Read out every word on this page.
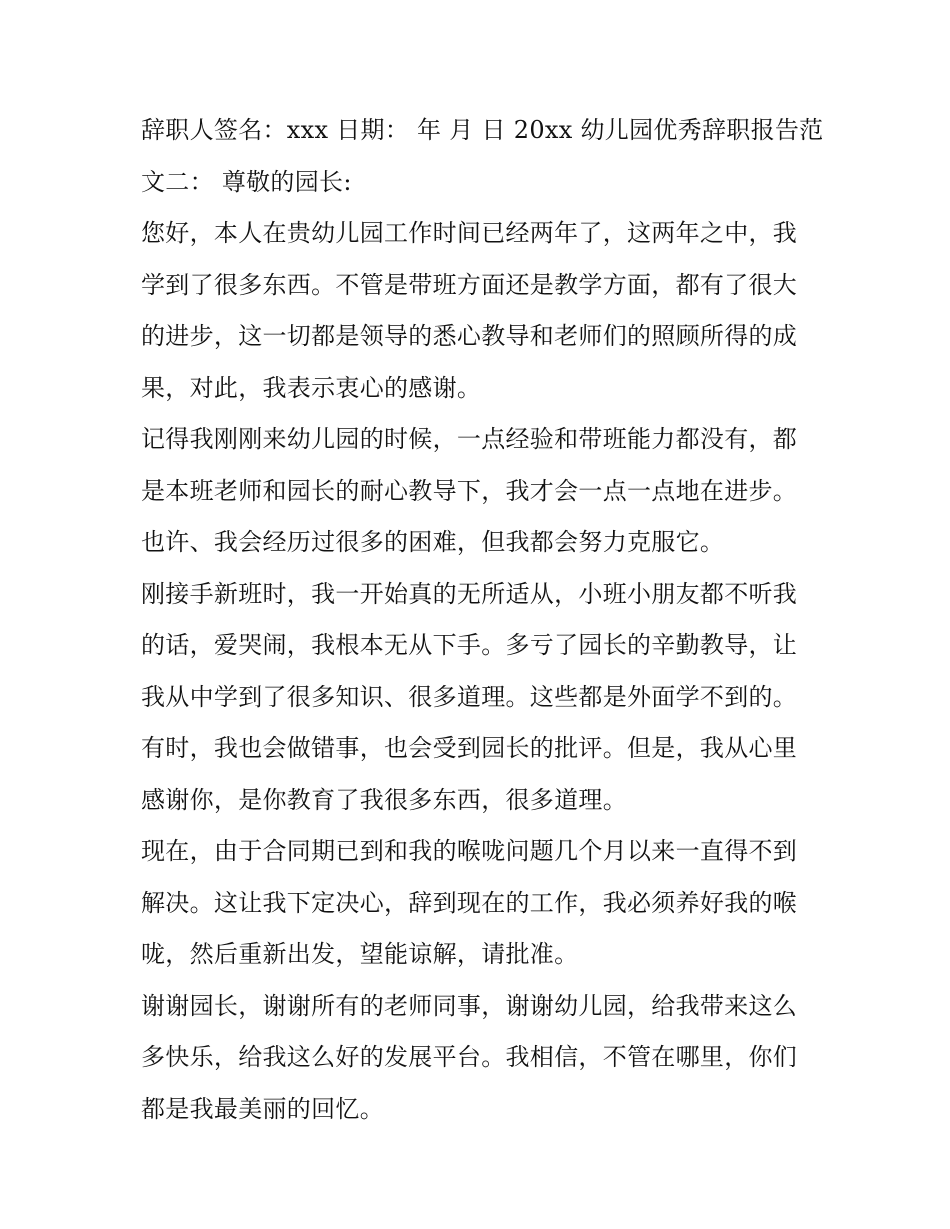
辞职人签名：xxx 日期： 年 月 日 20xx 幼儿园优秀辞职报告范
文二： 尊敬的园长:
您好，本人在贵幼儿园工作时间已经两年了，这两年之中，我
学到了很多东西。不管是带班方面还是教学方面，都有了很大
的进步，这一切都是领导的悉心教导和老师们的照顾所得的成
果，对此，我表示衷心的感谢。
记得我刚刚来幼儿园的时候，一点经验和带班能力都没有，都
是本班老师和园长的耐心教导下，我才会一点一点地在进步。
也许、我会经历过很多的困难，但我都会努力克服它。
刚接手新班时，我一开始真的无所适从，小班小朋友都不听我
的话，爱哭闹，我根本无从下手。多亏了园长的辛勤教导，让
我从中学到了很多知识、很多道理。这些都是外面学不到的。
有时，我也会做错事，也会受到园长的批评。但是，我从心里
感谢你，是你教育了我很多东西，很多道理。
现在，由于合同期已到和我的喉咙问题几个月以来一直得不到
解决。这让我下定决心，辞到现在的工作，我必须养好我的喉
咙，然后重新出发，望能谅解，请批准。
谢谢园长，谢谢所有的老师同事，谢谢幼儿园，给我带来这么
多快乐，给我这么好的发展平台。我相信，不管在哪里，你们
都是我最美丽的回忆。
